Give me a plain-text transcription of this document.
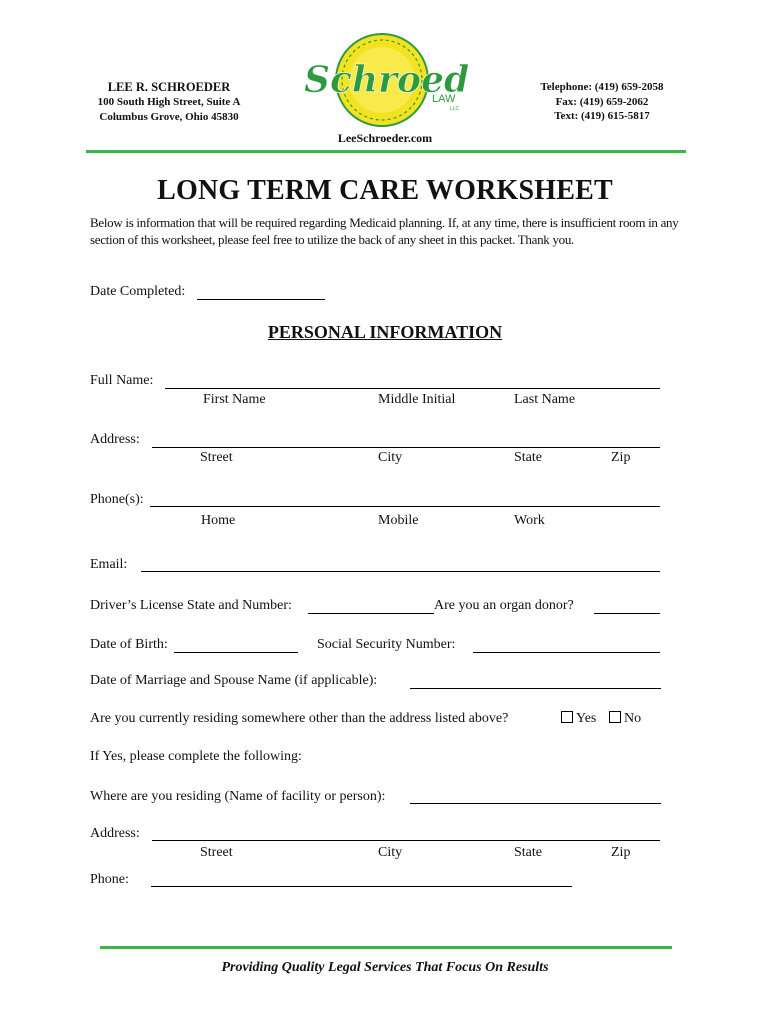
LEE R. SCHROEDER
100 South High Street, Suite A
Columbus Grove, Ohio 45830
Schroed
LAW
LLC
Telephone: (419) 659-2058
Fax: (419) 659-2062
Text: (419) 615-5817
LeeSchroeder.com
LONG TERM CARE WORKSHEET
Below is information that will be required regarding Medicaid planning. If, at any time, there is insufficient room in any section of this worksheet, please feel free to utilize the back of any sheet in this packet. Thank you.
Date Completed:
PERSONAL INFORMATION
Full Name:
First Name	Middle Initial	Last Name
Address:
Street	City	State	Zip
Phone(s):
Home	Mobile	Work
Email:
Driver’s License State and Number:	Are you an organ donor?
Date of Birth:	Social Security Number:
Date of Marriage and Spouse Name (if applicable):
Are you currently residing somewhere other than the address listed above?	Yes	No
If Yes, please complete the following:
Where are you residing (Name of facility or person):
Address:
Street	City	State	Zip
Phone:
Providing Quality Legal Services That Focus On Results
